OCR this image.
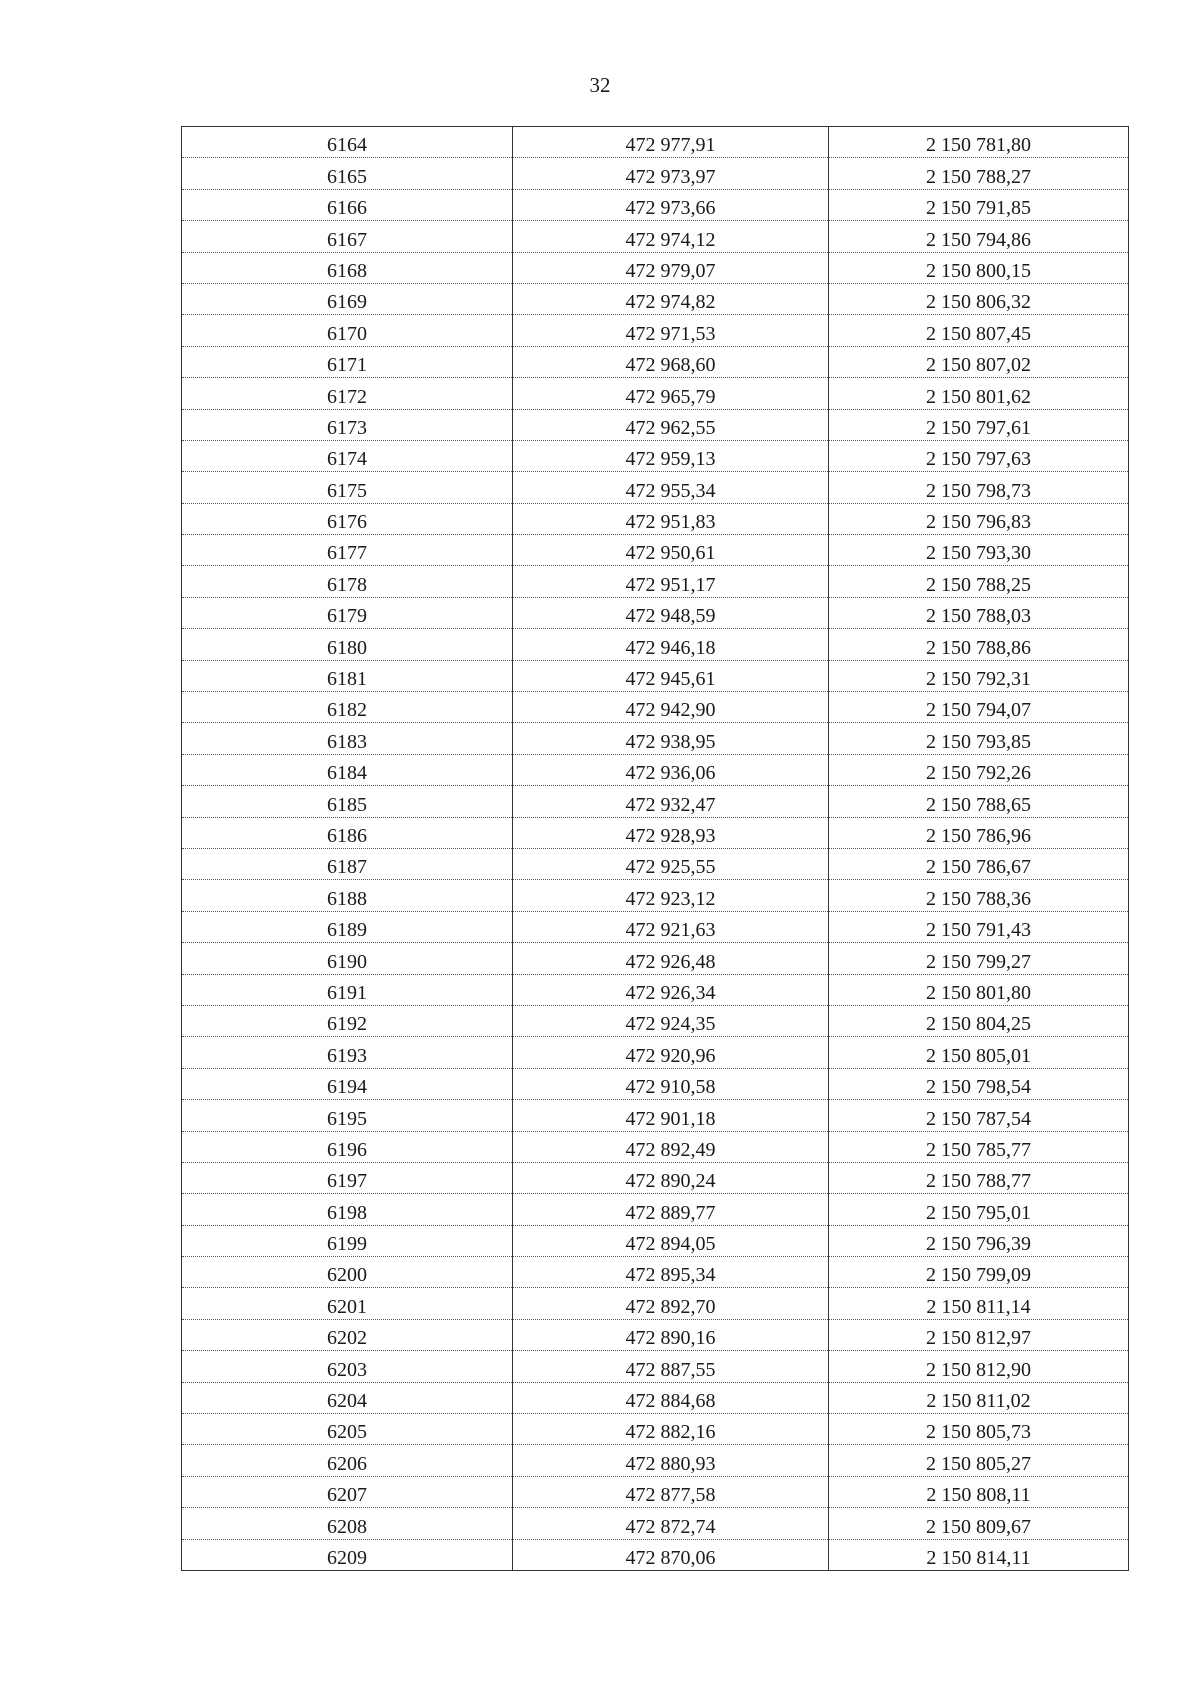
32
6164	472 977,91	2 150 781,80
6165	472 973,97	2 150 788,27
6166	472 973,66	2 150 791,85
6167	472 974,12	2 150 794,86
6168	472 979,07	2 150 800,15
6169	472 974,82	2 150 806,32
6170	472 971,53	2 150 807,45
6171	472 968,60	2 150 807,02
6172	472 965,79	2 150 801,62
6173	472 962,55	2 150 797,61
6174	472 959,13	2 150 797,63
6175	472 955,34	2 150 798,73
6176	472 951,83	2 150 796,83
6177	472 950,61	2 150 793,30
6178	472 951,17	2 150 788,25
6179	472 948,59	2 150 788,03
6180	472 946,18	2 150 788,86
6181	472 945,61	2 150 792,31
6182	472 942,90	2 150 794,07
6183	472 938,95	2 150 793,85
6184	472 936,06	2 150 792,26
6185	472 932,47	2 150 788,65
6186	472 928,93	2 150 786,96
6187	472 925,55	2 150 786,67
6188	472 923,12	2 150 788,36
6189	472 921,63	2 150 791,43
6190	472 926,48	2 150 799,27
6191	472 926,34	2 150 801,80
6192	472 924,35	2 150 804,25
6193	472 920,96	2 150 805,01
6194	472 910,58	2 150 798,54
6195	472 901,18	2 150 787,54
6196	472 892,49	2 150 785,77
6197	472 890,24	2 150 788,77
6198	472 889,77	2 150 795,01
6199	472 894,05	2 150 796,39
6200	472 895,34	2 150 799,09
6201	472 892,70	2 150 811,14
6202	472 890,16	2 150 812,97
6203	472 887,55	2 150 812,90
6204	472 884,68	2 150 811,02
6205	472 882,16	2 150 805,73
6206	472 880,93	2 150 805,27
6207	472 877,58	2 150 808,11
6208	472 872,74	2 150 809,67
6209	472 870,06	2 150 814,11
